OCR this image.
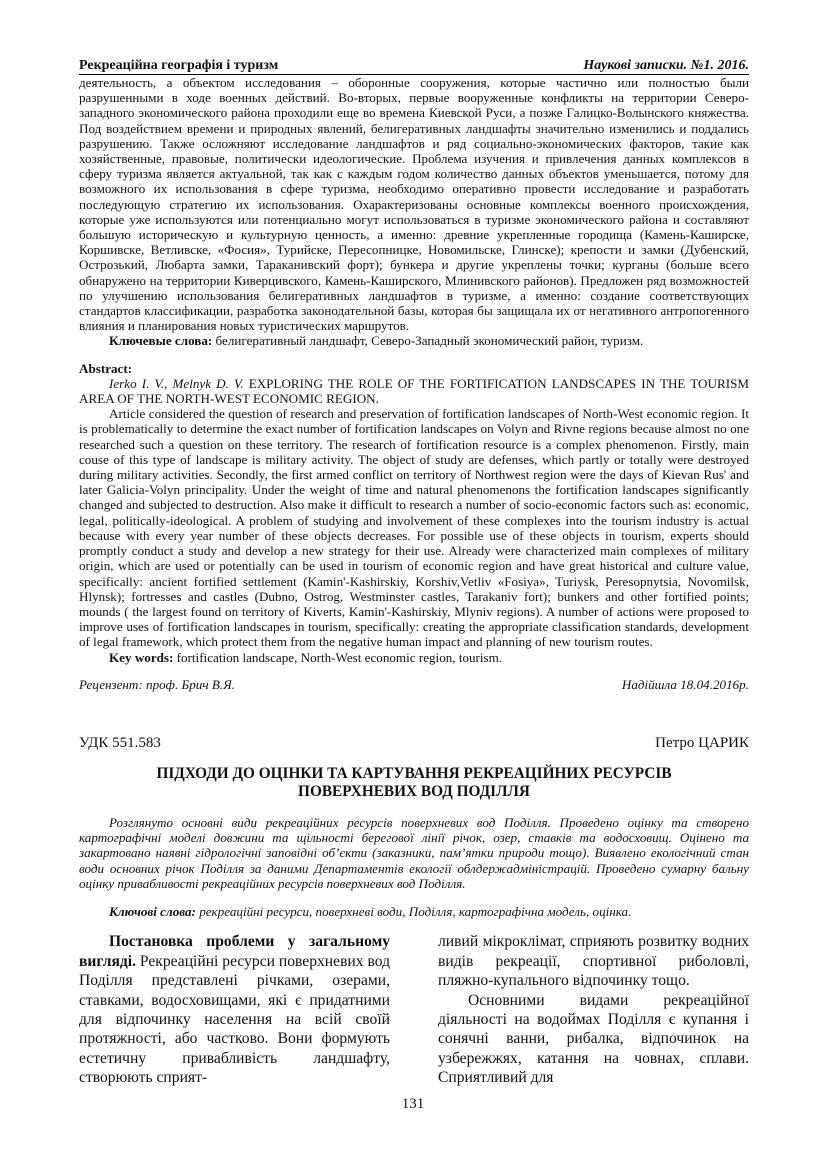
Рекреаційна географія і туризм	Наукові записки. №1. 2016.

деятельность, а объектом исследования – оборонные сооружения, которые частично или полностью были разрушенными в ходе военных действий. Во-вторых, первые вооруженные конфликты на территории Северо-западного экономического района проходили еще во времена Киевской Руси, а позже Галицко-Волынского княжества. Под воздействием времени и природных явлений, белигеративных ландшафты значительно изменились и поддались разрушению. Также осложняют исследование ландшафтов и ряд социально-экономических факторов, такие как хозяйственные, правовые, политически идеологические. Проблема изучения и привлечения данных комплексов в сферу туризма является актуальной, так как с каждым годом количество данных объектов уменьшается, потому для возможного их использования в сфере туризма, необходимо оперативно провести исследование и разработать последующую стратегию их использования. Охарактеризованы основные комплексы военного происхождения, которые уже используются или потенциально могут использоваться в туризме экономического района и составляют большую историческую и культурную ценность, а именно: древние укрепленные городища (Камень-Каширске, Коршивске, Ветливске, «Фосия», Турийске, Пересопницке, Новомильске, Глинске); крепости и замки (Дубенский, Острозький, Любарта замки, Тараканивский форт); бункера и другие укреплены точки; курганы (больше всего обнаружено на территории Киверцивского, Камень-Каширского, Млинивского районов). Предложен ряд возможностей по улучшению использования белигеративных ландшафтов в туризме, а именно: создание соответствующих стандартов классификации, разработка законодательной базы, которая бы защищала их от негативного антропогенного влияния и планирования новых туристических маршрутов.

Ключевые слова: белигеративный ландшафт, Северо-Западный экономический район, туризм.

Abstract:

Ierko I. V., Melnyk D. V. EXPLORING THE ROLE OF THE FORTIFICATION LANDSCAPES IN THE TOURISM AREA OF THE NORTH-WEST ECONOMIC REGION.

Article considered the question of research and preservation of fortification landscapes of North-West economic region. It is problematically to determine the exact number of fortification landscapes on Volyn and Rivne regions because almost no one researched such a question on these territory. The research of fortification resource is a complex phenomenon. Firstly, main couse of this type of landscape is military activity. The object of study are defenses, which partly or totally were destroyed during military activities. Secondly, the first armed conflict on territory of Northwest region were the days of Kievan Rus' and later Galicia-Volyn principality. Under the weight of time and natural phenomenons the fortification landscapes significantly changed and subjected to destruction. Also make it difficult to research a number of socio-economic factors such as: economic, legal, politically-ideological. A problem of studying and involvement of these complexes into the tourism industry is actual because with every year number of these objects decreases. For possible use of these objects in tourism, experts should promptly conduct a study and develop a new strategy for their use. Already were characterized main complexes of military origin, which are used or potentially can be used in tourism of economic region and have great historical and culture value, specifically: ancient fortified settlement (Kamin'-Kashirskiy, Korshiv,Vetliv «Fosiya», Turiysk, Peresopnytsia, Novomilsk, Hlynsk); fortresses and castles (Dubno, Ostrog, Westminster castles, Tarakaniv fort); bunkers and other fortified points; mounds ( the largest found on territory of Kiverts, Kamin'-Kashirskiy, Mlyniv regions). A number of actions were proposed to improve uses of fortification landscapes in tourism, specifically: creating the appropriate classification standards, development of legal framework, which protect them from the negative human impact and planning of new tourism routes.

Key words: fortification landscape, North-West economic region, tourism.

Рецензент: проф. Брич В.Я.	Надійшла 18.04.2016р.
УДК 551.583	Петро ЦАРИК
ПІДХОДИ ДО ОЦІНКИ ТА КАРТУВАННЯ РЕКРЕАЦІЙНИХ РЕСУРСІВ
ПОВЕРХНЕВИХ ВОД ПОДІЛЛЯ

Розглянуто основні види рекреаційних ресурсів поверхневих вод Поділля. Проведено оцінку та створено картографічні моделі довжини та щільності берегової лінії річок, озер, ставків та водосховищ. Оцінено та закартовано наявні гідрологічні заповідні об’єкти (заказники, пам’ятки природи тощо). Виявлено екологічний стан води основних річок Поділля за даними Департаментів екології облдержадміністрацій. Проведено сумарну бальну оцінку привабливості рекреаційних ресурсів поверхневих вод Поділля.

Ключові слова: рекреаційні ресурси, поверхневі води, Поділля, картографічна модель, оцінка.

Постановка проблеми у загальному вигляді. Рекреаційні ресурси поверхневих вод Поділля представлені річками, озерами, ставками, водосховищами, які є придатними для відпочинку населення на всій своїй протяжності, або частково. Вони формують естетичну привабливість ландшафту, створюють сприят-

ливий мікроклімат, сприяють розвитку водних видів рекреації, спортивної риболовлі, пляжно-купального відпочинку тощо.

Основними видами рекреаційної діяльності на водоймах Поділля є купання і сонячні ванни, рибалка, відпочинок на узбережжях, катання на човнах, сплави. Сприятливий для

131
